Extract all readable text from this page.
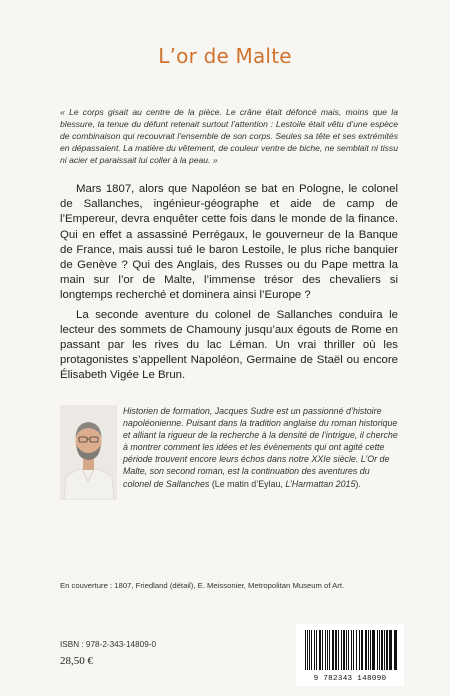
L’or de Malte
« Le corps gisait au centre de la pièce. Le crâne était défoncé mais, moins que la blessure, la tenue du défunt retenait surtout l’attention : Lestoile était vêtu d’une espèce de combinaison qui recouvrait l’ensemble de son corps. Seules sa tête et ses extrémités en dépassaient. La matière du vêtement, de couleur ventre de biche, ne semblait ni tissu ni acier et paraissait lui coller à la peau. »

Mars 1807, alors que Napoléon se bat en Pologne, le colonel de Sallanches, ingénieur-géographe et aide de camp de l’Empereur, devra enquêter cette fois dans le monde de la finance. Qui en effet a assassiné Perrégaux, le gouverneur de la Banque de France, mais aussi tué le baron Lestoile, le plus riche banquier de Genève ? Qui des Anglais, des Russes ou du Pape mettra la main sur l’or de Malte, l’immense trésor des chevaliers si longtemps recherché et dominera ainsi l’Europe ?

La seconde aventure du colonel de Sallanches conduira le lecteur des sommets de Chamouny jusqu’aux égouts de Rome en passant par les rives du lac Léman. Un vrai thriller où les protagonistes s’appellent Napoléon, Germaine de Staël ou encore Élisabeth Vigée Le Brun.

Historien de formation, Jacques Sudre est un passionné d’histoire napoléonienne. Puisant dans la tradition anglaise du roman historique et alliant la rigueur de la recherche à la densité de l’intrigue, il cherche à montrer comment les idées et les évènements qui ont agité cette période trouvent encore leurs échos dans notre XXIe siècle. L’Or de Malte, son second roman, est la continuation des aventures du colonel de Sallanches (Le matin d’Eylau, L’Harmattan 2015).
En couverture : 1807, Friedland (détail), E. Meissonier, Metropolitan Museum of Art.
ISBN : 978-2-343-14809-0
28,50 €
9 782343 148090
